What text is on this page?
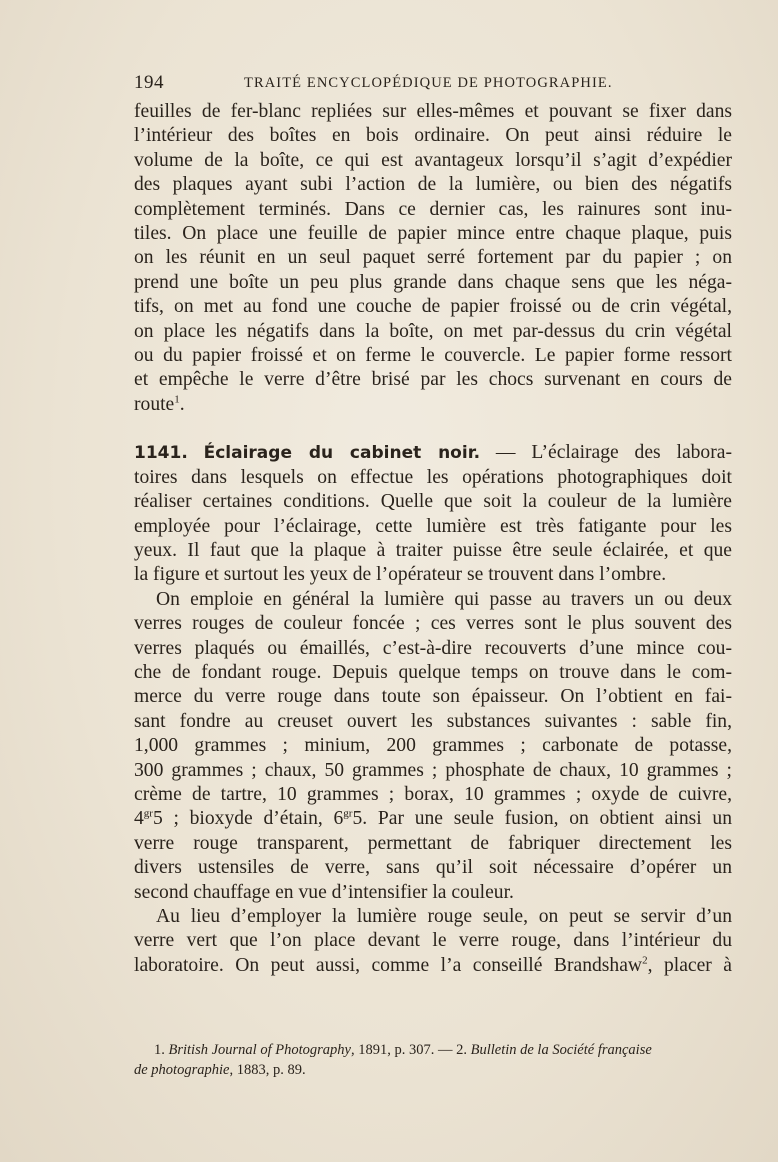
194	TRAITÉ ENCYCLOPÉDIQUE DE PHOTOGRAPHIE.
feuilles de fer-blanc repliées sur elles-mêmes et pouvant se fixer dans
l’intérieur des boîtes en bois ordinaire. On peut ainsi réduire le
volume de la boîte, ce qui est avantageux lorsqu’il s’agit d’expédier
des plaques ayant subi l’action de la lumière, ou bien des négatifs
complètement terminés. Dans ce dernier cas, les rainures sont inu-
tiles. On place une feuille de papier mince entre chaque plaque, puis
on les réunit en un seul paquet serré fortement par du papier ; on
prend une boîte un peu plus grande dans chaque sens que les néga-
tifs, on met au fond une couche de papier froissé ou de crin végétal,
on place les négatifs dans la boîte, on met par-dessus du crin végétal
ou du papier froissé et on ferme le couvercle. Le papier forme ressort
et empêche le verre d’être brisé par les chocs survenant en cours de
route$^1$.
1141. Éclairage du cabinet noir. — L’éclairage des labora-
toires dans lesquels on effectue les opérations photographiques doit
réaliser certaines conditions. Quelle que soit la couleur de la lumière
employée pour l’éclairage, cette lumière est très fatigante pour les
yeux. Il faut que la plaque à traiter puisse être seule éclairée, et que
la figure et surtout les yeux de l’opérateur se trouvent dans l’ombre.
On emploie en général la lumière qui passe au travers un ou deux
verres rouges de couleur foncée ; ces verres sont le plus souvent des
verres plaqués ou émaillés, c’est-à-dire recouverts d’une mince cou-
che de fondant rouge. Depuis quelque temps on trouve dans le com-
merce du verre rouge dans toute son épaisseur. On l’obtient en fai-
sant fondre au creuset ouvert les substances suivantes : sable fin,
1,000 grammes ; minium, 200 grammes ; carbonate de potasse,
300 grammes ; chaux, 50 grammes ; phosphate de chaux, 10 grammes ;
crème de tartre, 10 grammes ; borax, 10 grammes ; oxyde de cuivre,
$4^{gr}5$ ; bioxyde d’étain, $6^{gr}5$. Par une seule fusion, on obtient ainsi un
verre rouge transparent, permettant de fabriquer directement les
divers ustensiles de verre, sans qu’il soit nécessaire d’opérer un
second chauffage en vue d’intensifier la couleur.
Au lieu d’employer la lumière rouge seule, on peut se servir d’un
verre vert que l’on place devant le verre rouge, dans l’intérieur du
laboratoire. On peut aussi, comme l’a conseillé Brandshaw$^2$, placer à
1. British Journal of Photography, 1891, p. 307. — 2. Bulletin de la Société française
de photographie, 1883, p. 89.
